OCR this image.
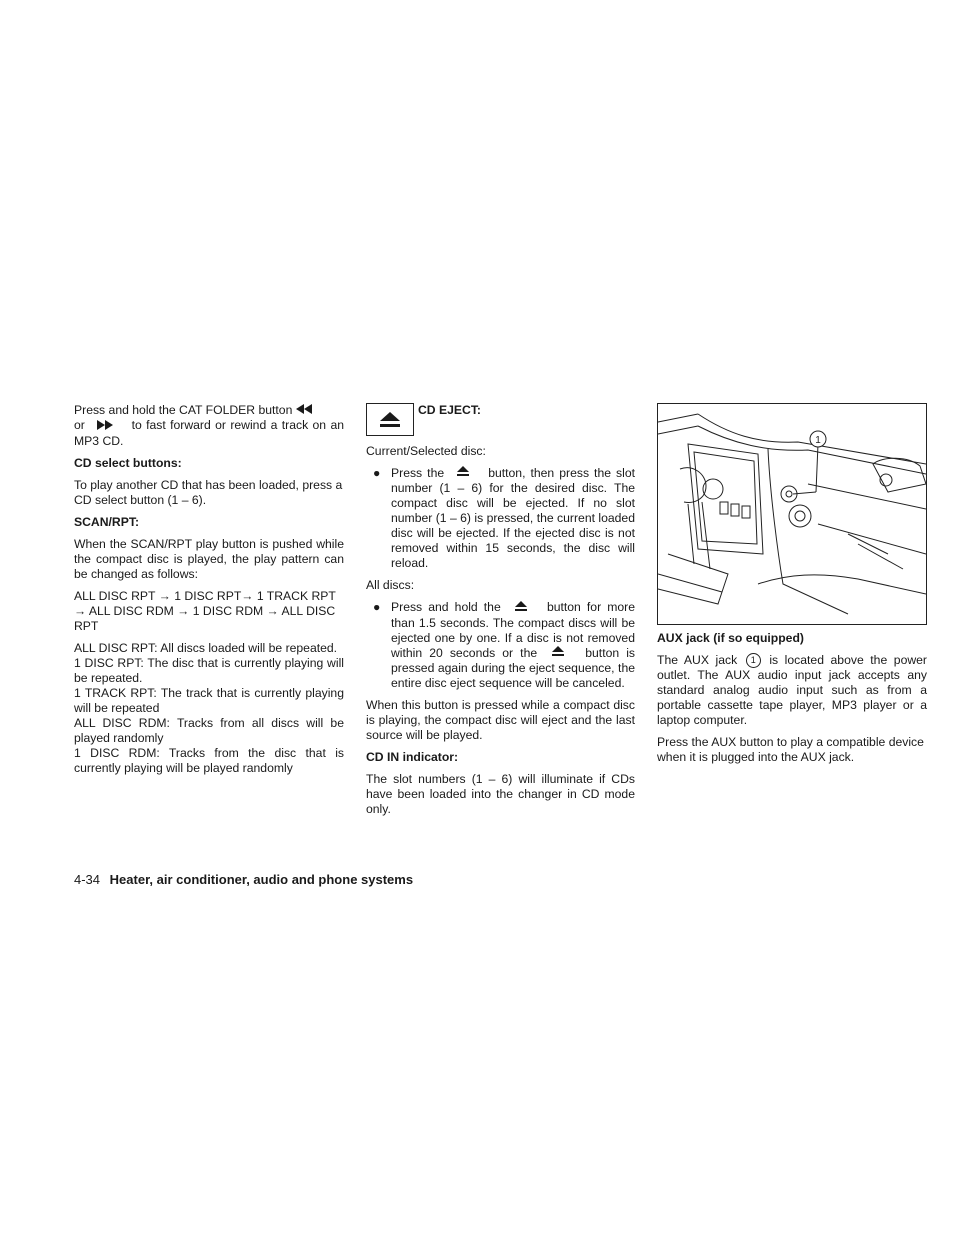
Press and hold the CAT FOLDER button
or	to fast forward or rewind a track on an MP3 CD.

CD select buttons:

To play another CD that has been loaded, press a CD select button (1 – 6).

SCAN/RPT:

When the SCAN/RPT play button is pushed while the compact disc is played, the play pattern can be changed as follows:

ALL DISC RPT → 1 DISC RPT→ 1 TRACK RPT → ALL DISC RDM → 1 DISC RDM → ALL DISC RPT

ALL DISC RPT: All discs loaded will be repeated.

1 DISC RPT: The disc that is currently playing will be repeated.

1 TRACK RPT: The track that is currently playing will be repeated

ALL DISC RDM: Tracks from all discs will be played randomly

1 DISC RDM: Tracks from the disc that is currently playing will be played randomly

CD EJECT:

Current/Selected disc:

● Press the	button, then press the slot number (1 – 6) for the desired disc. The compact disc will be ejected. If no slot number (1 – 6) is pressed, the current loaded disc will be ejected. If the ejected disc is not removed within 15 seconds, the disc will reload.

All discs:

● Press and hold the	button for more than 1.5 seconds. The compact discs will be ejected one by one. If a disc is not removed within 20 seconds or the	button is pressed again during the eject sequence, the entire disc eject sequence will be canceled.

When this button is pressed while a compact disc is playing, the compact disc will eject and the last source will be played.

CD IN indicator:

The slot numbers (1 – 6) will illuminate if CDs have been loaded into the changer in CD mode only.

1
AUX jack (if so equipped)

The AUX jack 1 is located above the power outlet. The AUX audio input jack accepts any standard analog audio input such as from a portable cassette tape player, MP3 player or a laptop computer.

Press the AUX button to play a compatible device when it is plugged into the AUX jack.

4-34 Heater, air conditioner, audio and phone systems
